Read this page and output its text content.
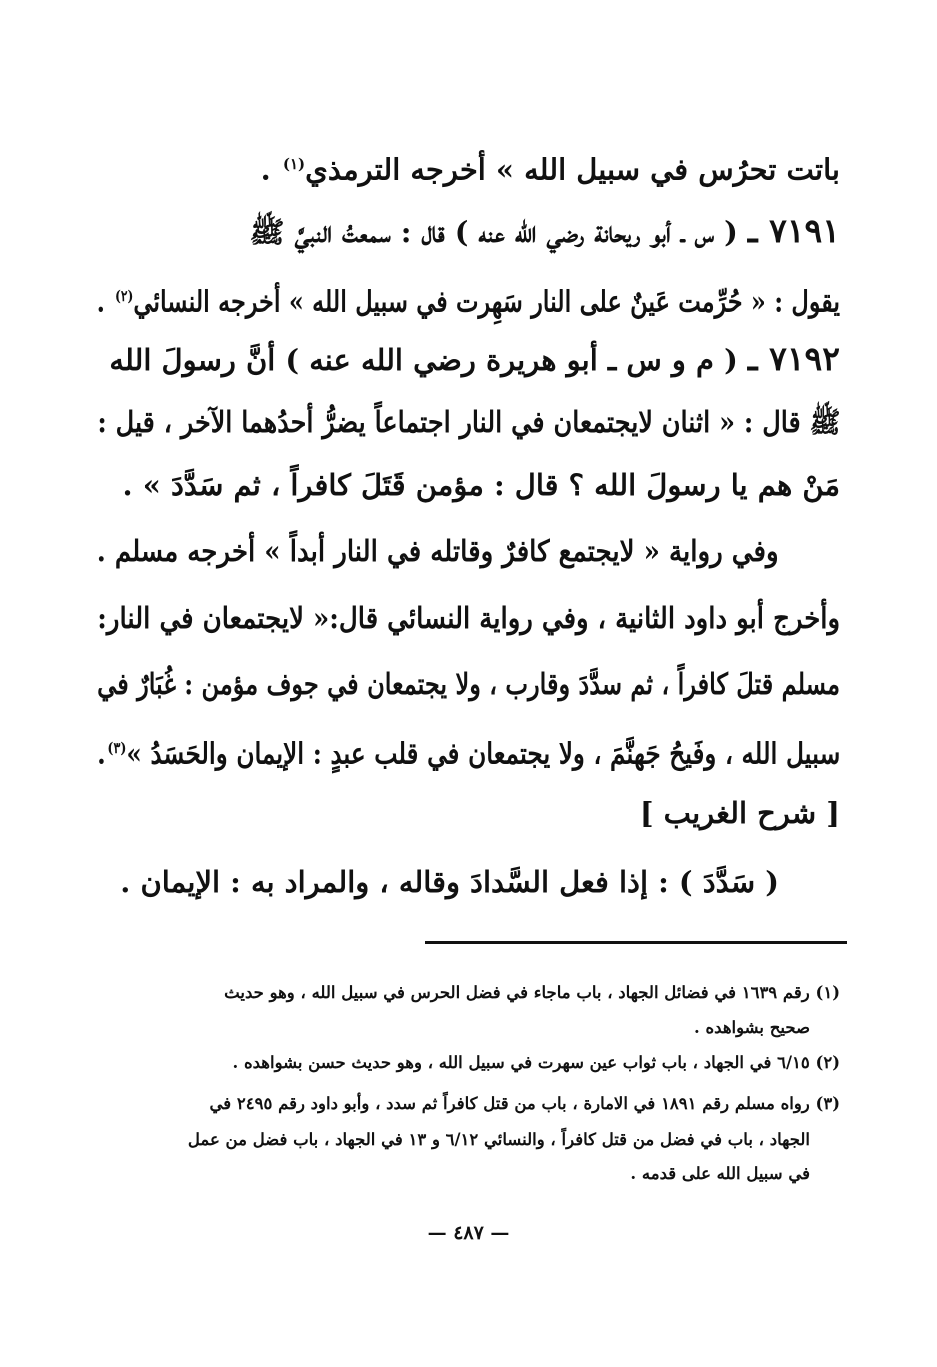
باتت تحرُس في سبيل الله » أخرجه الترمذي$^{(١)}$ .
٧١٩١ ـ ( س ـ أبو ريحانة رضي الله عنه ) قال : سمعتُ النبيَّ ﷺ
يقول : « حُرِّمت عَينٌ على النار سَهِرت في سبيل الله » أخرجه النسائي$^{(٢)}$ .
٧١٩٢ ـ ( م و س ـ أبو هريرة رضي الله عنه ) أنَّ رسولَ الله
ﷺ قال : « اثنان لايجتمعان في النار اجتماعاً يضرُّ أحدُهما الآخر ، قيل :
مَنْ هم يا رسولَ الله ؟ قال : مؤمن قَتَلَ كافراً ، ثم سَدَّدَ » .
وفي رواية « لايجتمع كافرٌ وقاتله في النار أبداً » أخرجه مسلم .
وأخرج أبو داود الثانية ، وفي رواية النسائي قال:« لايجتمعان في النار:
مسلم قتلَ كافراً ، ثم سدَّدَ وقارب ، ولا يجتمعان في جوف مؤمن : غُبَارٌ في
سبيل الله ، وفَيحُ جَهنَّمَ ، ولا يجتمعان في قلب عبدٍ : الإيمان والحَسَدُ »$^{(٣)}$.
[ شرح الغريب ]
( سَدَّدَ ) : إذا فعل السَّدادَ وقاله ، والمراد به : الإيمان .
(١) رقم ١٦٣٩ في فضائل الجهاد ، باب ماجاء في فضل الحرس في سبيل الله ، وهو حديث
صحيح بشواهده .
(٢) ٦/١٥ في الجهاد ، باب ثواب عين سهرت في سبيل الله ، وهو حديث حسن بشواهده .
(٣) رواه مسلم رقم ١٨٩١ في الامارة ، باب من قتل كافراً ثم سدد ، وأبو داود رقم ٢٤٩٥ في
الجهاد ، باب في فضل من قتل كافراً ، والنسائي ٦/١٢ و ١٣ في الجهاد ، باب فضل من عمل
في سبيل الله على قدمه .
— ٤٨٧ —
